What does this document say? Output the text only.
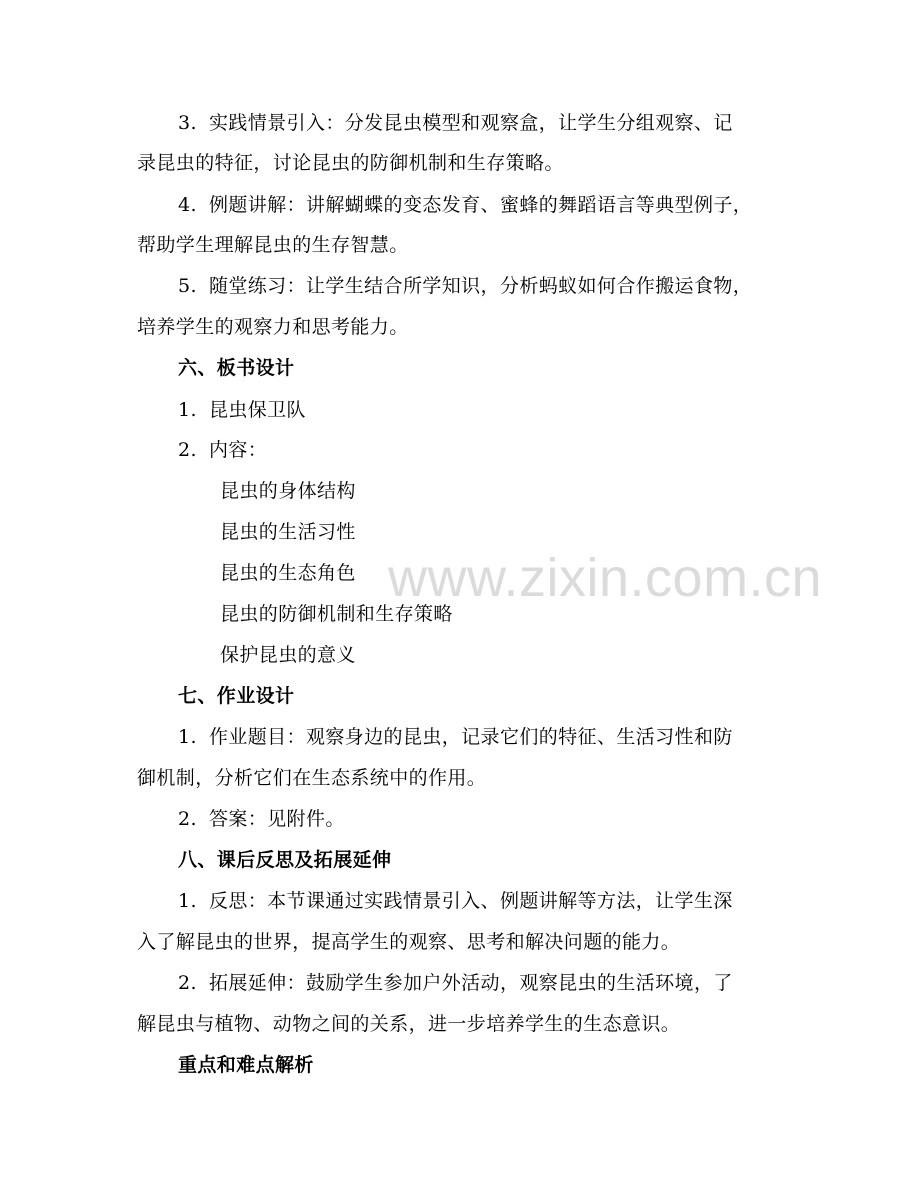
3. 实践情景引入：分发昆虫模型和观察盒，让学生分组观察、记
录昆虫的特征，讨论昆虫的防御机制和生存策略。
4. 例题讲解：讲解蝴蝶的变态发育、蜜蜂的舞蹈语言等典型例子，
帮助学生理解昆虫的生存智慧。
5. 随堂练习：让学生结合所学知识，分析蚂蚁如何合作搬运食物，
培养学生的观察力和思考能力。
六、板书设计
1. 昆虫保卫队
2. 内容：
昆虫的身体结构
昆虫的生活习性
昆虫的生态角色
昆虫的防御机制和生存策略
保护昆虫的意义
七、作业设计
1. 作业题目：观察身边的昆虫，记录它们的特征、生活习性和防
御机制，分析它们在生态系统中的作用。
2. 答案：见附件。
八、课后反思及拓展延伸
1. 反思：本节课通过实践情景引入、例题讲解等方法，让学生深
入了解昆虫的世界，提高学生的观察、思考和解决问题的能力。
2. 拓展延伸：鼓励学生参加户外活动，观察昆虫的生活环境，了
解昆虫与植物、动物之间的关系，进一步培养学生的生态意识。
重点和难点解析
www.zixin.com.cn
